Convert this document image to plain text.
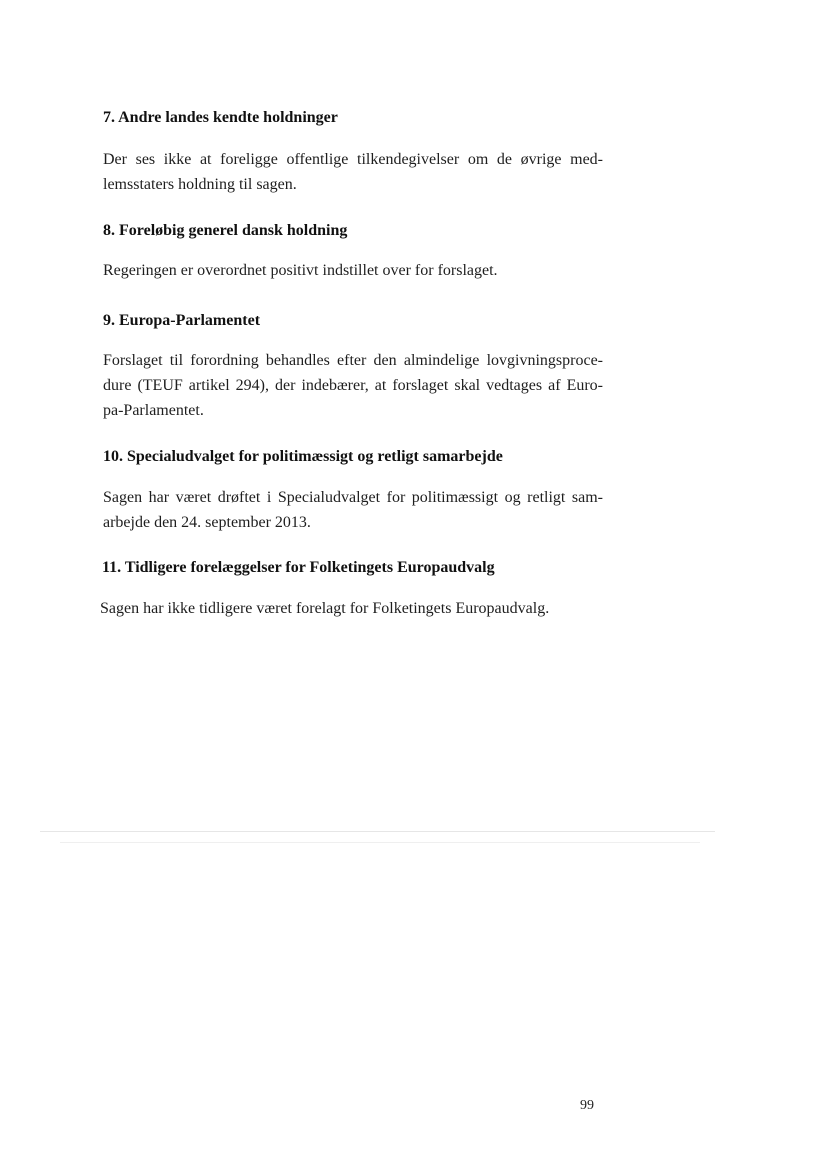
7. Andre landes kendte holdninger

Der ses ikke at foreligge offentlige tilkendegivelser om de øvrige med-
lemsstaters holdning til sagen.

8. Foreløbig generel dansk holdning

Regeringen er overordnet positivt indstillet over for forslaget.

9. Europa-Parlamentet

Forslaget til forordning behandles efter den almindelige lovgivningsproce-
dure (TEUF artikel 294), der indebærer, at forslaget skal vedtages af Euro-
pa-Parlamentet.

10. Specialudvalget for politimæssigt og retligt samarbejde

Sagen har været drøftet i Specialudvalget for politimæssigt og retligt sam-
arbejde den 24. september 2013.

11. Tidligere forelæggelser for Folketingets Europaudvalg

Sagen har ikke tidligere været forelagt for Folketingets Europaudvalg.

99
